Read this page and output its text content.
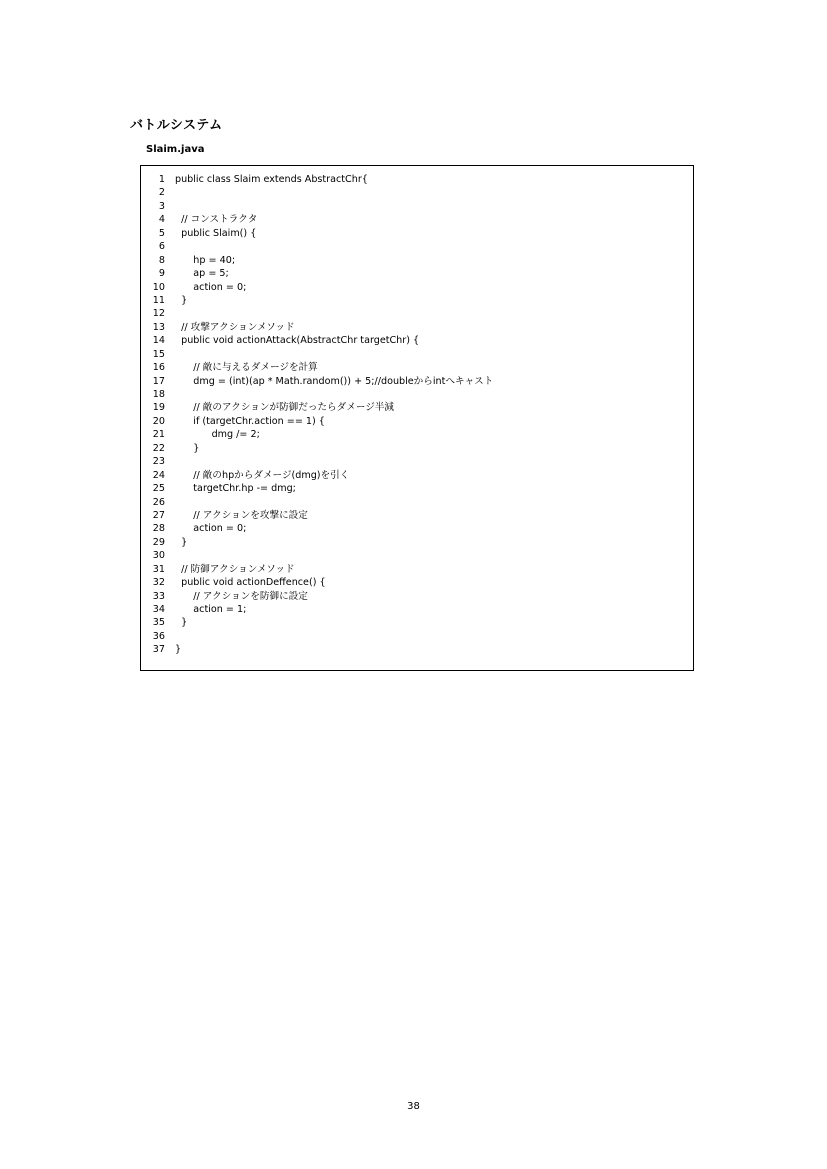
バトルシステム
Slaim.java
1 public class Slaim extends AbstractChr{
2
3
4 // コンストラクタ
5 public Slaim() {
6
8 hp = 40;
9 ap = 5;
10 action = 0;
11 }
12
13 // 攻撃アクションメソッド
14 public void actionAttack(AbstractChr targetChr) {
15
16 // 敵に与えるダメージを計算
17 dmg = (int)(ap * Math.random()) + 5;//doubleからintへキャスト
18
19 // 敵のアクションが防御だったらダメージ半減
20 if (targetChr.action == 1) {
21 dmg /= 2;
22 }
23
24 // 敵のhpからダメージ(dmg)を引く
25 targetChr.hp -= dmg;
26
27 // アクションを攻撃に設定
28 action = 0;
29 }
30
31 // 防御アクションメソッド
32 public void actionDeffence() {
33 // アクションを防御に設定
34 action = 1;
35 }
36
37 }
38
